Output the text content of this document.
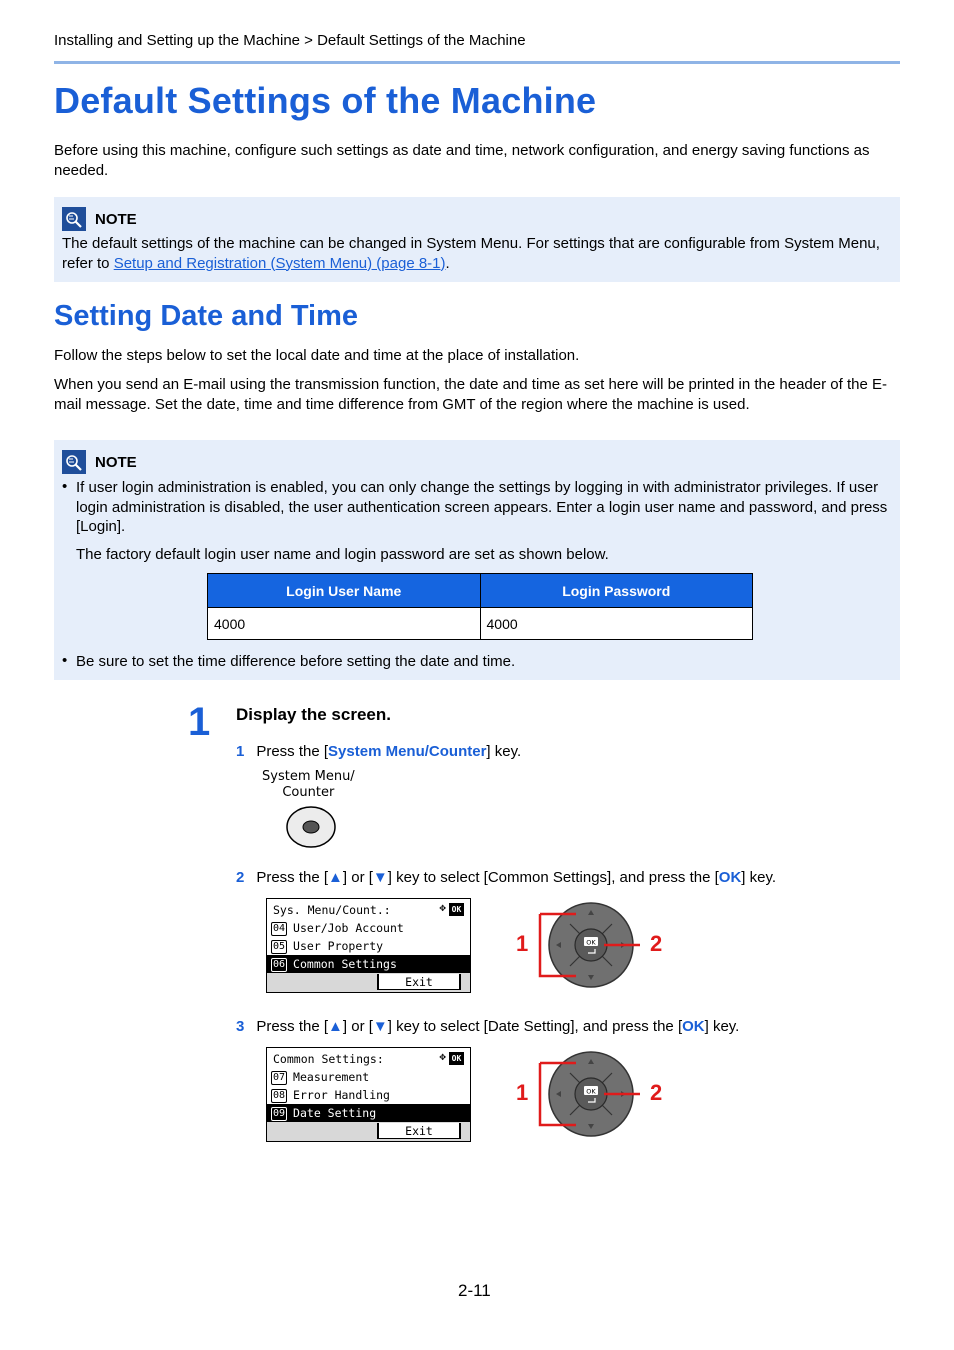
Installing and Setting up the Machine > Default Settings of the Machine
Default Settings of the Machine

Before using this machine, configure such settings as date and time, network configuration, and energy saving functions as needed.

NOTE

The default settings of the machine can be changed in System Menu. For settings that are configurable from System Menu, refer to Setup and Registration (System Menu) (page 8-1).

Setting Date and Time

Follow the steps below to set the local date and time at the place of installation.

When you send an E-mail using the transmission function, the date and time as set here will be printed in the header of the E-mail message. Set the date, time and time difference from GMT of the region where the machine is used.

NOTE
• If user login administration is enabled, you can only change the settings by logging in with administrator privileges. If user login administration is disabled, the user authentication screen appears. Enter a login user name and password, and press [Login].

The factory default login user name and login password are set as shown below.

Login User Name	Login Password
4000	4000
• Be sure to set the time difference before setting the date and time.

1 Display the screen.
1 Press the [System Menu/Counter] key.
System Menu/
Counter
2 Press the [▲] or [▼] key to select [Common Settings], and press the [OK] key.
Sys. Menu/Count.:	✥ OK
04 User/Job Account
05 User Property
06 Common Settings
Exit
OK
1	2
3 Press the [▲] or [▼] key to select [Date Setting], and press the [OK] key.
Common Settings:	✥ OK
07 Measurement
08 Error Handling
09 Date Setting
Exit
OK
1	2
2-11
